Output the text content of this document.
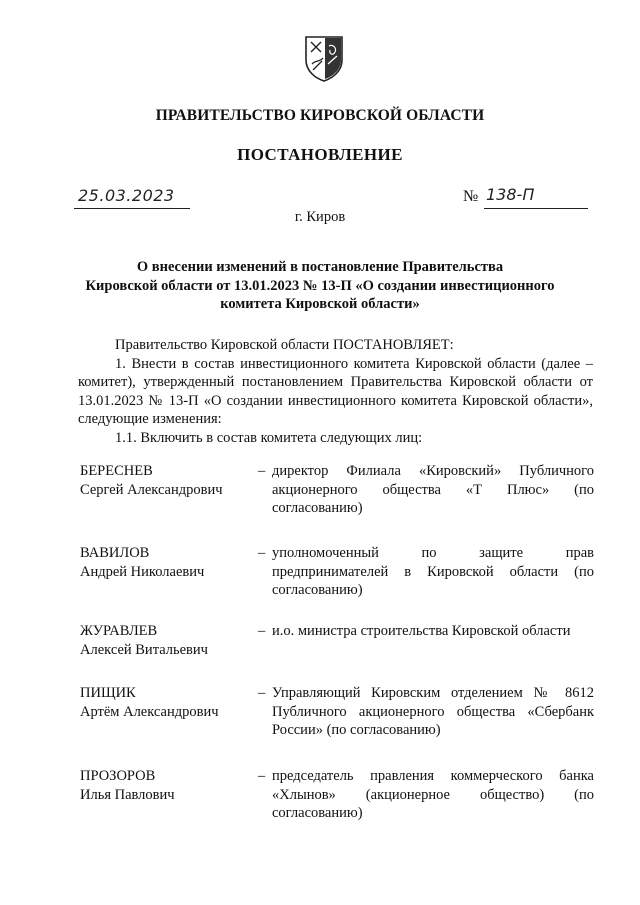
ПРАВИТЕЛЬСТВО КИРОВСКОЙ ОБЛАСТИ
ПОСТАНОВЛЕНИЕ
25.03.2023	№ 138-П
г. Киров
О внесении изменений в постановление Правительства
Кировской области от 13.01.2023 № 13-П «О создании инвестиционного
комитета Кировской области»

Правительство Кировской области ПОСТАНОВЛЯЕТ:

1. Внести в состав инвестиционного комитета Кировской области (далее – комитет), утвержденный постановлением Правительства Кировской области от 13.01.2023 № 13-П «О создании инвестиционного комитета Кировской области», следующие изменения:

1.1. Включить в состав комитета следующих лиц:

БЕРЕСНЕВ
Сергей Александрович
– директор Филиала «Кировский» Публичного акционерного общества «Т Плюс» (по согласованию)
ВАВИЛОВ
Андрей Николаевич
– уполномоченный по защите прав предпринимателей в Кировской области (по согласованию)
ЖУРАВЛЕВ
Алексей Витальевич
– и.о. министра строительства Кировской области
ПИЩИК
Артём Александрович
– Управляющий Кировским отделением № 8612 Публичного акционерного общества «Сбербанк России» (по согласованию)
ПРОЗОРОВ
Илья Павлович
– председатель правления коммерческого банка «Хлынов» (акционерное общество) (по согласованию)
